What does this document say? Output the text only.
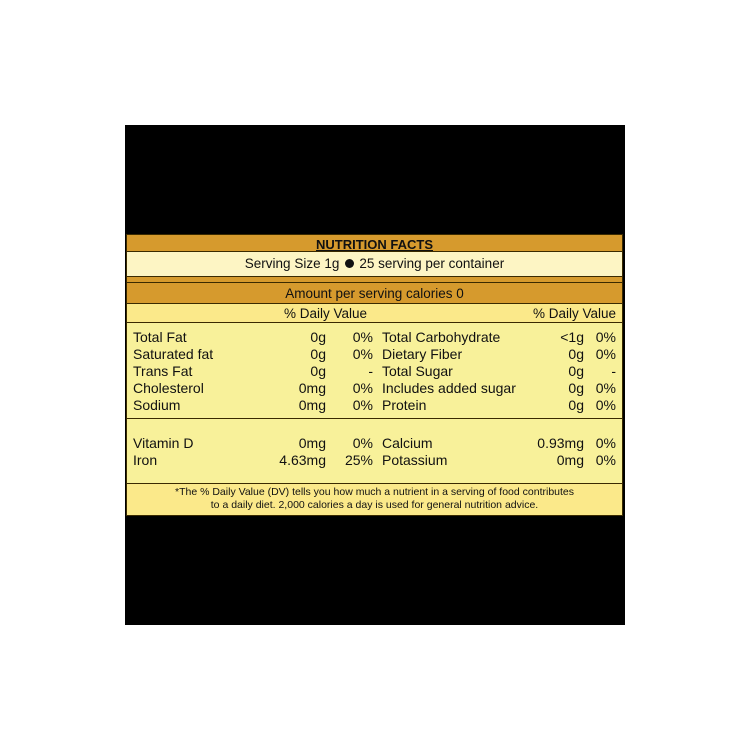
NUTRITION FACTS
Serving Size 1g 25 serving per container
Amount per serving calories 0
% Daily Value	% Daily Value
Total Fat	0g 0% Total Carbohydrate	<1g 0%
Saturated fat	0g 0% Dietary Fiber	0g 0%
Trans Fat	0g	- Total Sugar	0g -
Cholesterol	0mg 0% Includes added sugar	0g 0%
Sodium	0mg 0% Protein	0g 0%
Vitamin D	0mg 0% Calcium	0.93mg 0%
Iron	4.63mg 25% Potassium	0mg 0%
*The % Daily Value (DV) tells you how much a nutrient in a serving of food contributes
to a daily diet. 2,000 calories a day is used for general nutrition advice.
